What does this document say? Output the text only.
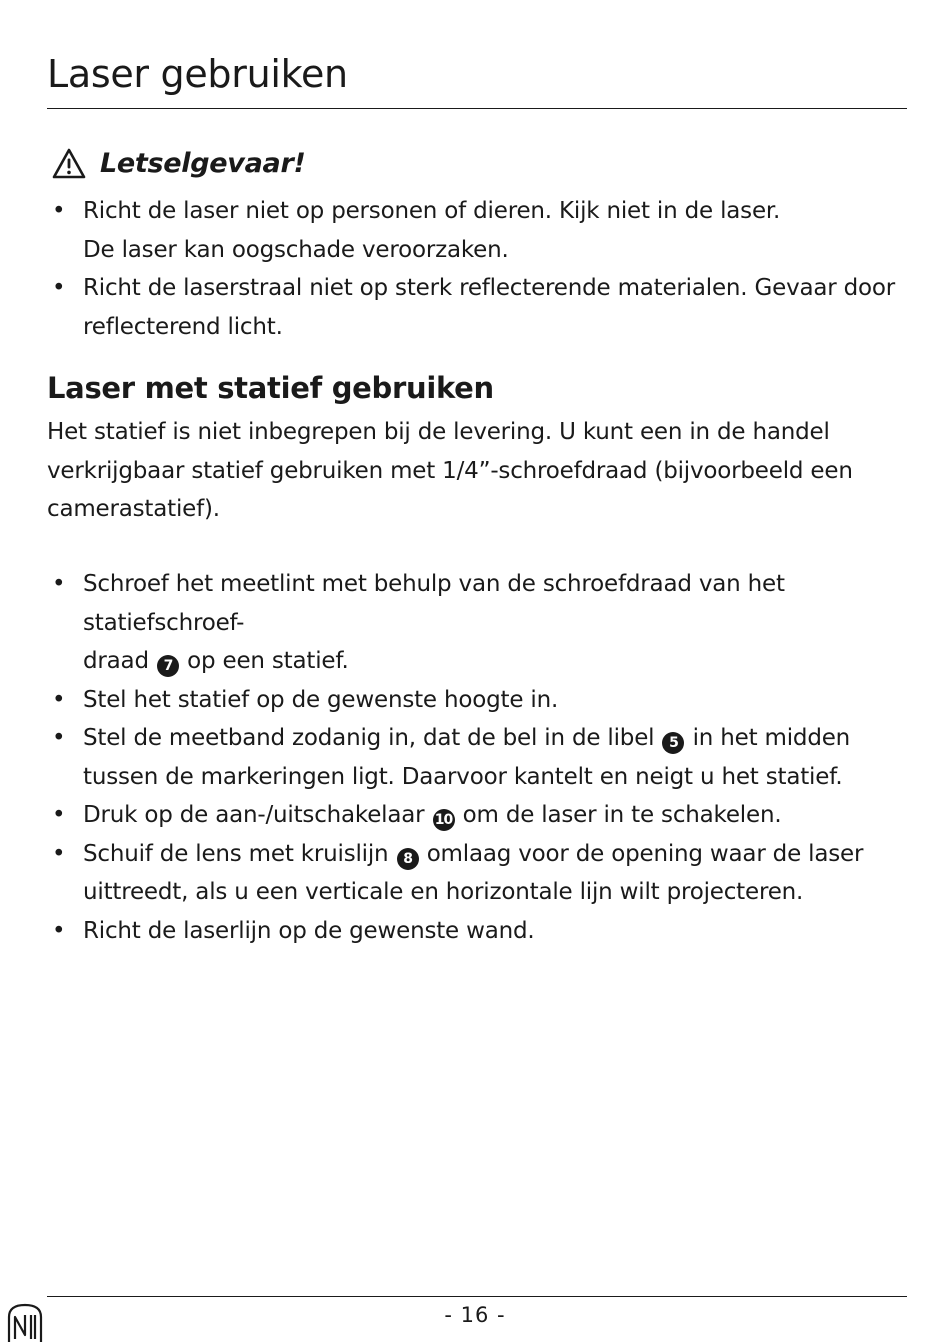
Laser gebruiken
Letselgevaar!
• Richt de laser niet op personen of dieren. Kijk niet in de laser.
De laser kan oogschade veroorzaken.
• Richt de laserstraal niet op sterk reflecterende materialen. Gevaar door reflecterend licht.
Laser met statief gebruiken

Het statief is niet inbegrepen bij de levering. U kunt een in de handel verkrijgbaar statief gebruiken met 1/4”-schroefdraad (bijvoorbeeld een camerastatief).

• Schroef het meetlint met behulp van de schroefdraad van het statiefschroef-
draad 7 op een statief.
• Stel het statief op de gewenste hoogte in.
• Stel de meetband zodanig in, dat de bel in de libel 5 in het midden tussen de markeringen ligt. Daarvoor kantelt en neigt u het statief.
• Druk op de aan-/uitschakelaar 10 om de laser in te schakelen.
• Schuif de lens met kruislijn 8 omlaag voor de opening waar de laser uittreedt, als u een verticale en horizontale lijn wilt projecteren.
• Richt de laserlijn op de gewenste wand.
- 16 -
